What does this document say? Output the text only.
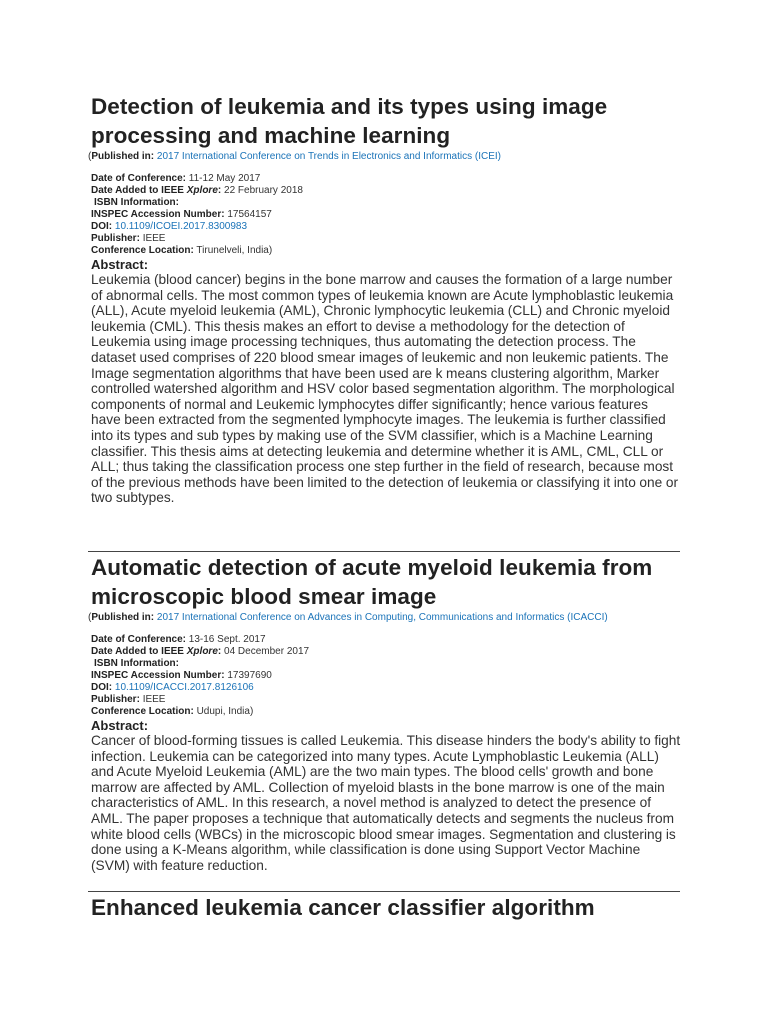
Detection of leukemia and its types using image processing and machine learning

(Published in: 2017 International Conference on Trends in Electronics and Informatics (ICEI)

Date of Conference: 11-12 May 2017
Date Added to IEEE Xplore: 22 February 2018
ISBN Information:
INSPEC Accession Number: 17564157
DOI: 10.1109/ICOEI.2017.8300983
Publisher: IEEE
Conference Location: Tirunelveli, India)

Abstract:

Leukemia (blood cancer) begins in the bone marrow and causes the formation of a large number of abnormal cells. The most common types of leukemia known are Acute lymphoblastic leukemia (ALL), Acute myeloid leukemia (AML), Chronic lymphocytic leukemia (CLL) and Chronic myeloid leukemia (CML). This thesis makes an effort to devise a methodology for the detection of Leukemia using image processing techniques, thus automating the detection process. The dataset used comprises of 220 blood smear images of leukemic and non leukemic patients. The Image segmentation algorithms that have been used are k means clustering algorithm, Marker controlled watershed algorithm and HSV color based segmentation algorithm. The morphological components of normal and Leukemic lymphocytes differ significantly; hence various features have been extracted from the segmented lymphocyte images. The leukemia is further classified into its types and sub types by making use of the SVM classifier, which is a Machine Learning classifier. This thesis aims at detecting leukemia and determine whether it is AML, CML, CLL or ALL; thus taking the classification process one step further in the field of research, because most of the previous methods have been limited to the detection of leukemia or classifying it into one or two subtypes.

Automatic detection of acute myeloid leukemia from microscopic blood smear image

(Published in: 2017 International Conference on Advances in Computing, Communications and Informatics (ICACCI)

Date of Conference: 13-16 Sept. 2017
Date Added to IEEE Xplore: 04 December 2017
ISBN Information:
INSPEC Accession Number: 17397690
DOI: 10.1109/ICACCI.2017.8126106
Publisher: IEEE
Conference Location: Udupi, India)

Abstract:

Cancer of blood-forming tissues is called Leukemia. This disease hinders the body's ability to fight infection. Leukemia can be categorized into many types. Acute Lymphoblastic Leukemia (ALL) and Acute Myeloid Leukemia (AML) are the two main types. The blood cells' growth and bone marrow are affected by AML. Collection of myeloid blasts in the bone marrow is one of the main characteristics of AML. In this research, a novel method is analyzed to detect the presence of AML. The paper proposes a technique that automatically detects and segments the nucleus from white blood cells (WBCs) in the microscopic blood smear images. Segmentation and clustering is done using a K-Means algorithm, while classification is done using Support Vector Machine (SVM) with feature reduction.

Enhanced leukemia cancer classifier algorithm
